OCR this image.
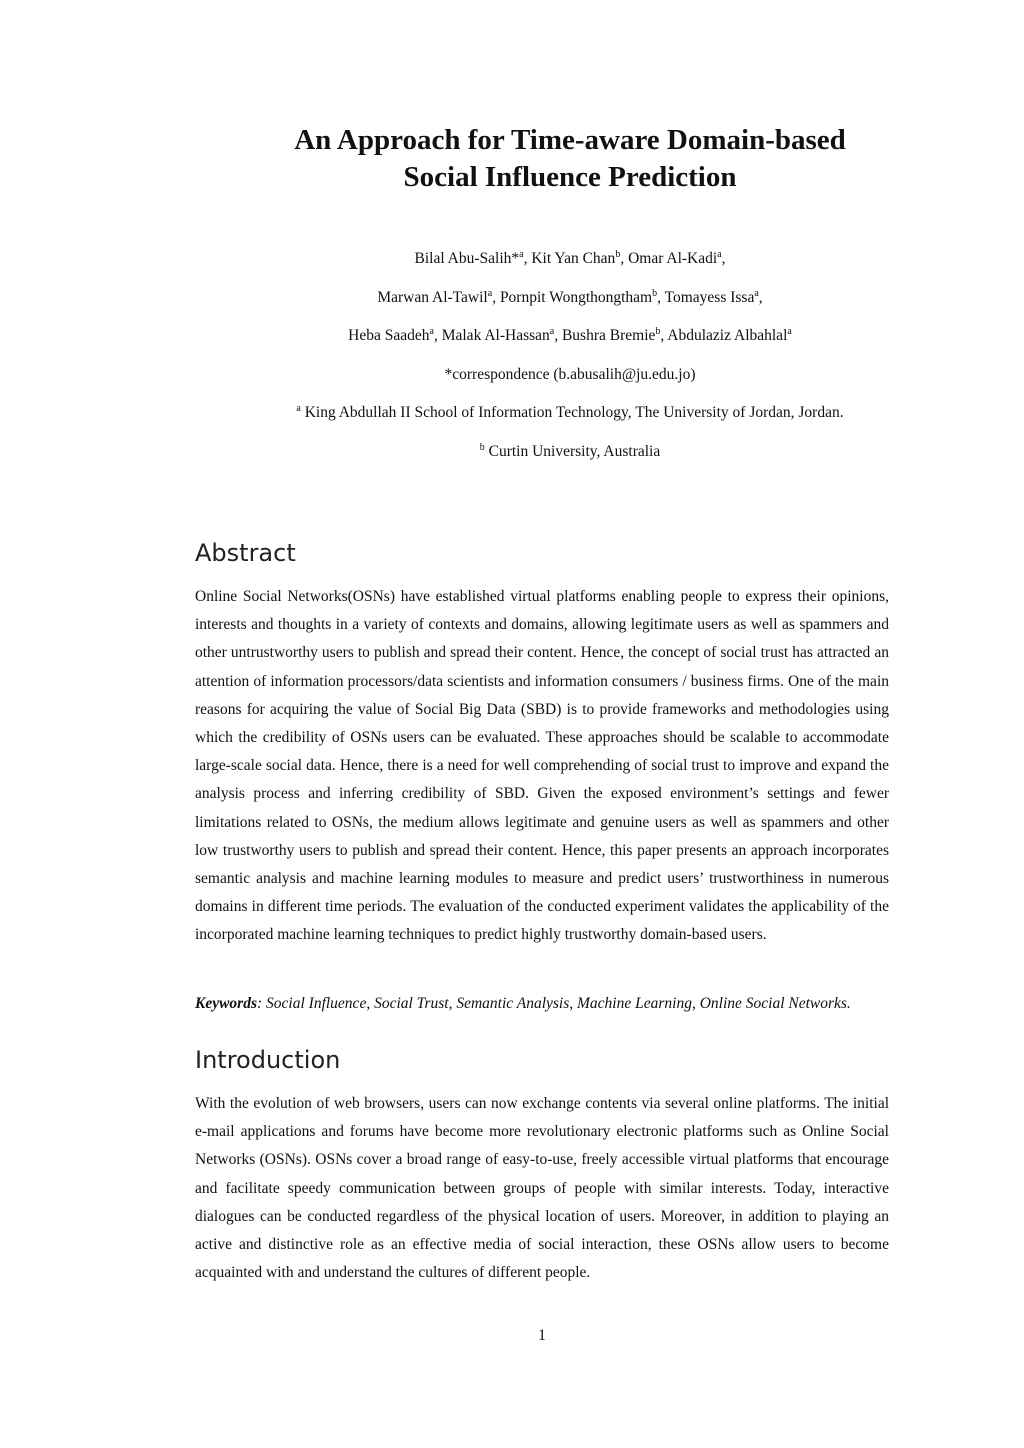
An Approach for Time-aware Domain-based
Social Influence Prediction
Bilal Abu-Salih*$^a$, Kit Yan Chan$^b$, Omar Al-Kadi$^a$,
Marwan Al-Tawil$^a$, Pornpit Wongthongtham$^b$, Tomayess Issa$^a$,
Heba Saadeh$^a$, Malak Al-Hassan$^a$, Bushra Bremie$^b$, Abdulaziz Albahlal$^a$
*correspondence (b.abusalih@ju.edu.jo)
$^a$ King Abdullah II School of Information Technology, The University of Jordan, Jordan.
$^b$ Curtin University, Australia
Abstract
Online Social Networks(OSNs) have established virtual platforms enabling people to express their opinions, interests and thoughts in a variety of contexts and domains, allowing legitimate users as well as spammers and other untrustworthy users to publish and spread their content. Hence, the concept of social trust has attracted an attention of information processors/data scientists and information consumers / business firms. One of the main reasons for acquiring the value of Social Big Data (SBD) is to provide frameworks and methodologies using which the credibility of OSNs users can be evaluated. These approaches should be scalable to accommodate large-scale social data. Hence, there is a need for well comprehending of social trust to improve and expand the analysis process and inferring credibility of SBD. Given the exposed environment’s settings and fewer limitations related to OSNs, the medium allows legitimate and genuine users as well as spammers and other low trustworthy users to publish and spread their content. Hence, this paper presents an approach incorporates semantic analysis and machine learning modules to measure and predict users’ trustworthiness in numerous domains in different time periods. The evaluation of the conducted experiment validates the applicability of the incorporated machine learning techniques to predict highly trustworthy domain-based users.
Keywords: Social Influence, Social Trust, Semantic Analysis, Machine Learning, Online Social Networks.
Introduction
With the evolution of web browsers, users can now exchange contents via several online platforms. The initial e-mail applications and forums have become more revolutionary electronic platforms such as Online Social Networks (OSNs). OSNs cover a broad range of easy-to-use, freely accessible virtual platforms that encourage and facilitate speedy communication between groups of people with similar interests. Today, interactive dialogues can be conducted regardless of the physical location of users. Moreover, in addition to playing an active and distinctive role as an effective media of social interaction, these OSNs allow users to become acquainted with and understand the cultures of different people.
1
